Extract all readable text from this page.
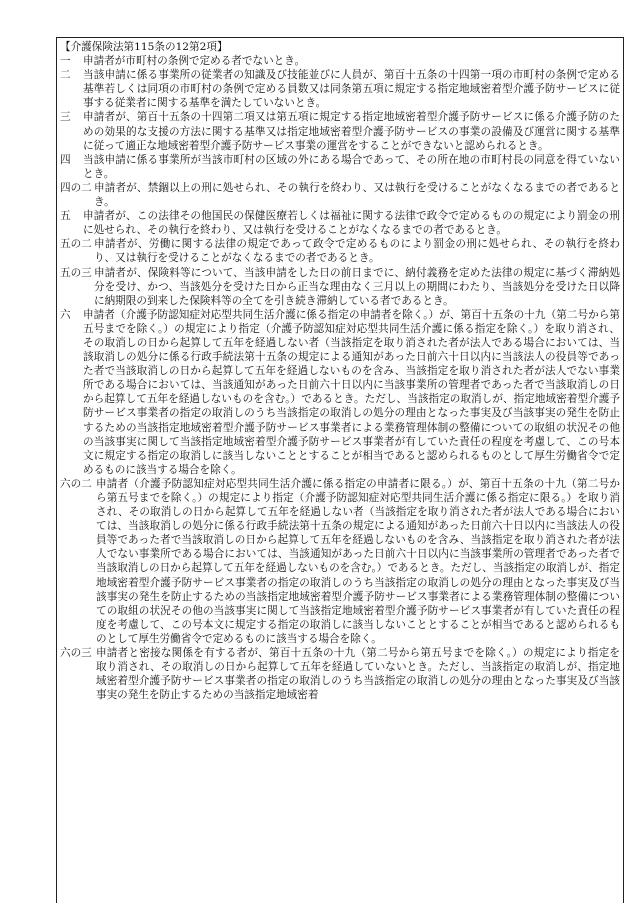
【介護保険法第115条の12第2項】
一	申請者が市町村の条例で定める者でないとき。
二	当該申請に係る事業所の従業者の知識及び技能並びに人員が、第百十五条の十四第一項の市町村の条例で定める基準若しくは同項の市町村の条例で定める員数又は同条第五項に規定する指定地域密着型介護予防サービスに従事する従業者に関する基準を満たしていないとき。
三	申請者が、第百十五条の十四第二項又は第五項に規定する指定地域密着型介護予防サービスに係る介護予防のための効果的な支援の方法に関する基準又は指定地域密着型介護予防サービスの事業の設備及び運営に関する基準に従って適正な地域密着型介護予防サービス事業の運営をすることができないと認められるとき。
四	当該申請に係る事業所が当該市町村の区域の外にある場合であって、その所在地の市町村長の同意を得ていないとき。
四の二 申請者が、禁錮以上の刑に処せられ、その執行を終わり、又は執行を受けることがなくなるまでの者であるとき。
五	申請者が、この法律その他国民の保健医療若しくは福祉に関する法律で政令で定めるものの規定により罰金の刑に処せられ、その執行を終わり、又は執行を受けることがなくなるまでの者であるとき。
五の二 申請者が、労働に関する法律の規定であって政令で定めるものにより罰金の刑に処せられ、その執行を終わり、又は執行を受けることがなくなるまでの者であるとき。
五の三 申請者が、保険料等について、当該申請をした日の前日までに、納付義務を定めた法律の規定に基づく滞納処分を受け、かつ、当該処分を受けた日から正当な理由なく三月以上の期間にわたり、当該処分を受けた日以降に納期限の到来した保険料等の全てを引き続き滞納している者であるとき。
六	申請者（介護予防認知症対応型共同生活介護に係る指定の申請者を除く。）が、第百十五条の十九（第二号から第五号までを除く。）の規定により指定（介護予防認知症対応型共同生活介護に係る指定を除く。）を取り消され、その取消しの日から起算して五年を経過しない者（当該指定を取り消された者が法人である場合においては、当該取消しの処分に係る行政手続法第十五条の規定による通知があった日前六十日以内に当該法人の役員等であった者で当該取消しの日から起算して五年を経過しないものを含み、当該指定を取り消された者が法人でない事業所である場合においては、当該通知があった日前六十日以内に当該事業所の管理者であった者で当該取消しの日から起算して五年を経過しないものを含む。）であるとき。ただし、当該指定の取消しが、指定地域密着型介護予防サービス事業者の指定の取消しのうち当該指定の取消しの処分の理由となった事実及び当該事実の発生を防止するための当該指定地域密着型介護予防サービス事業者による業務管理体制の整備についての取組の状況その他の当該事実に関して当該指定地域密着型介護予防サービス事業者が有していた責任の程度を考慮して、この号本文に規定する指定の取消しに該当しないこととすることが相当であると認められるものとして厚生労働省令で定めるものに該当する場合を除く。
六の二 申請者（介護予防認知症対応型共同生活介護に係る指定の申請者に限る。）が、第百十五条の十九（第二号から第五号までを除く。）の規定により指定（介護予防認知症対応型共同生活介護に係る指定に限る。）を取り消され、その取消しの日から起算して五年を経過しない者（当該指定を取り消された者が法人である場合においては、当該取消しの処分に係る行政手続法第十五条の規定による通知があった日前六十日以内に当該法人の役員等であった者で当該取消しの日から起算して五年を経過しないものを含み、当該指定を取り消された者が法人でない事業所である場合においては、当該通知があった日前六十日以内に当該事業所の管理者であった者で当該取消しの日から起算して五年を経過しないものを含む。）であるとき。ただし、当該指定の取消しが、指定地域密着型介護予防サービス事業者の指定の取消しのうち当該指定の取消しの処分の理由となった事実及び当該事実の発生を防止するための当該指定地域密着型介護予防サービス事業者による業務管理体制の整備についての取組の状況その他の当該事実に関して当該指定地域密着型介護予防サービス事業者が有していた責任の程度を考慮して、この号本文に規定する指定の取消しに該当しないこととすることが相当であると認められるものとして厚生労働省令で定めるものに該当する場合を除く。
六の三 申請者と密接な関係を有する者が、第百十五条の十九（第二号から第五号までを除く。）の規定により指定を取り消され、その取消しの日から起算して五年を経過していないとき。ただし、当該指定の取消しが、指定地域密着型介護予防サービス事業者の指定の取消しのうち当該指定の取消しの処分の理由となった事実及び当該事実の発生を防止するための当該指定地域密着
